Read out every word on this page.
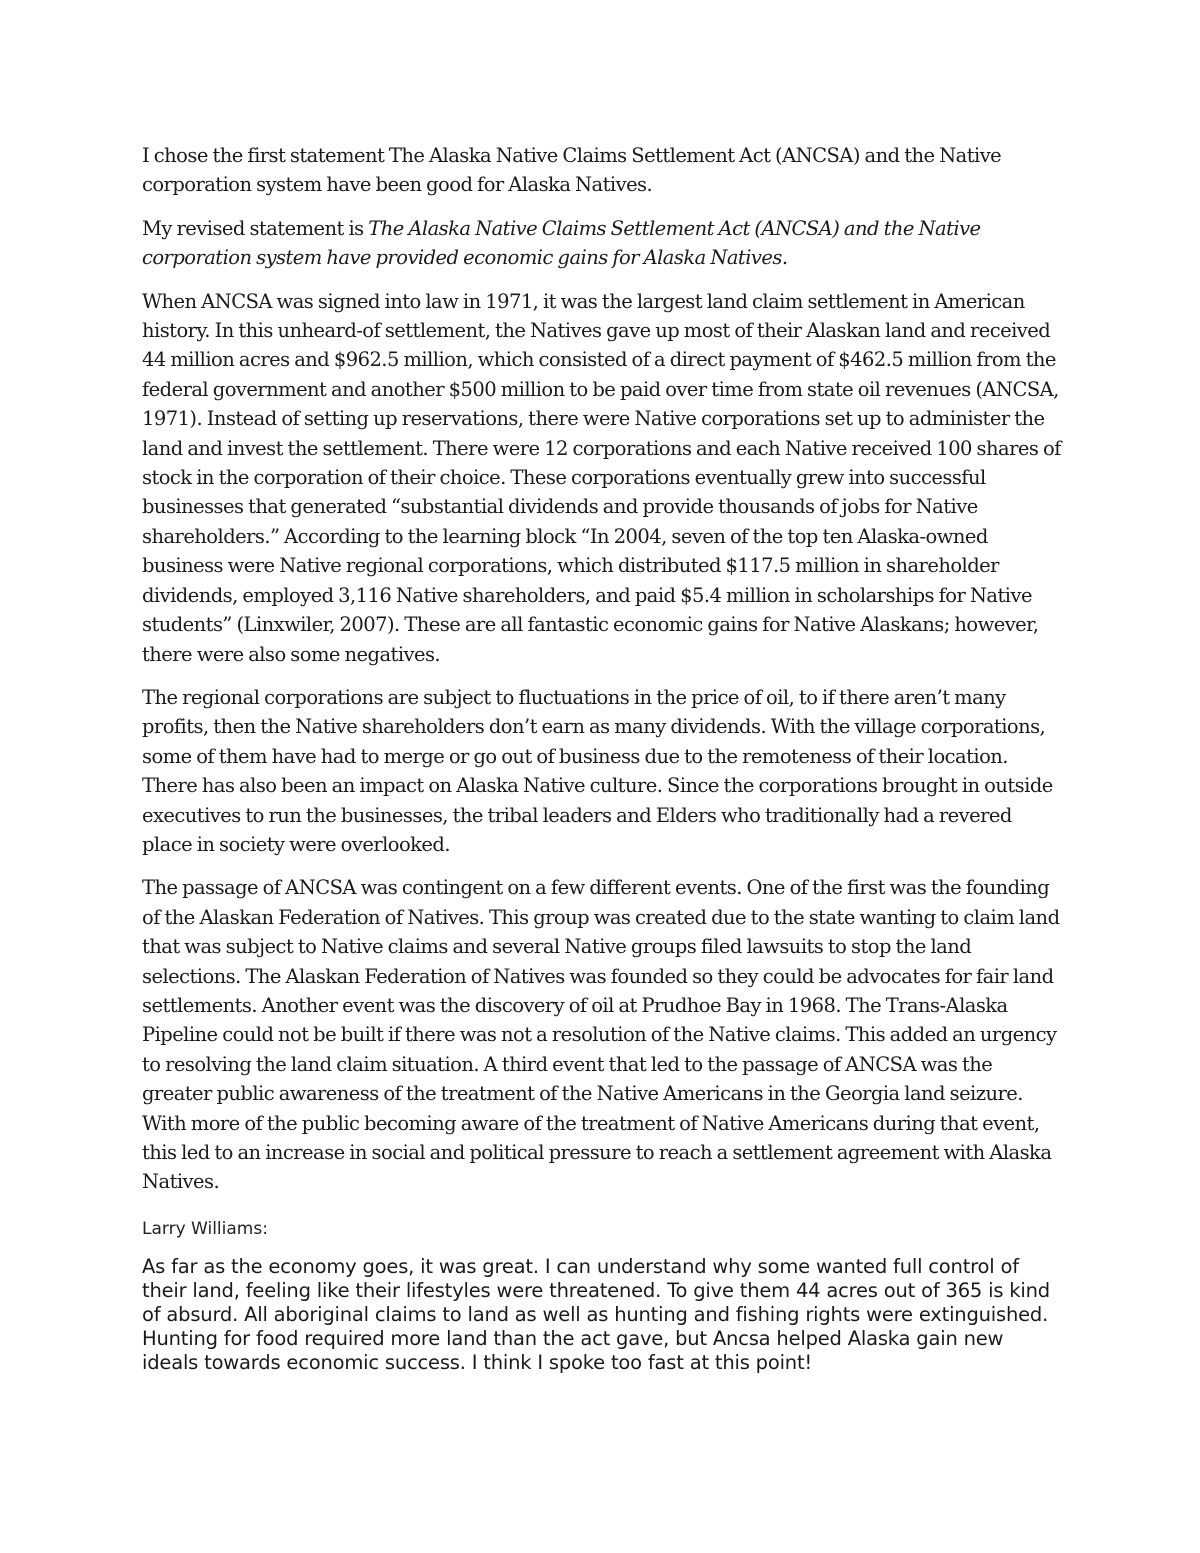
I chose the first statement The Alaska Native Claims Settlement Act (ANCSA) and the Native corporation system have been good for Alaska Natives.

My revised statement is The Alaska Native Claims Settlement Act (ANCSA) and the Native corporation system have provided economic gains for Alaska Natives.

When ANCSA was signed into law in 1971, it was the largest land claim settlement in American history. In this unheard-of settlement, the Natives gave up most of their Alaskan land and received 44 million acres and $962.5 million, which consisted of a direct payment of $462.5 million from the federal government and another $500 million to be paid over time from state oil revenues (ANCSA, 1971). Instead of setting up reservations, there were Native corporations set up to administer the land and invest the settlement. There were 12 corporations and each Native received 100 shares of stock in the corporation of their choice. These corporations eventually grew into successful businesses that generated “substantial dividends and provide thousands of jobs for Native shareholders.” According to the learning block “In 2004, seven of the top ten Alaska-owned business were Native regional corporations, which distributed $117.5 million in shareholder dividends, employed 3,116 Native shareholders, and paid $5.4 million in scholarships for Native students” (Linxwiler, 2007). These are all fantastic economic gains for Native Alaskans; however, there were also some negatives.

The regional corporations are subject to fluctuations in the price of oil, to if there aren’t many profits, then the Native shareholders don’t earn as many dividends. With the village corporations, some of them have had to merge or go out of business due to the remoteness of their location. There has also been an impact on Alaska Native culture. Since the corporations brought in outside executives to run the businesses, the tribal leaders and Elders who traditionally had a revered place in society were overlooked.

The passage of ANCSA was contingent on a few different events. One of the first was the founding of the Alaskan Federation of Natives. This group was created due to the state wanting to claim land that was subject to Native claims and several Native groups filed lawsuits to stop the land selections. The Alaskan Federation of Natives was founded so they could be advocates for fair land settlements. Another event was the discovery of oil at Prudhoe Bay in 1968. The Trans-Alaska Pipeline could not be built if there was not a resolution of the Native claims. This added an urgency to resolving the land claim situation. A third event that led to the passage of ANCSA was the greater public awareness of the treatment of the Native Americans in the Georgia land seizure. With more of the public becoming aware of the treatment of Native Americans during that event, this led to an increase in social and political pressure to reach a settlement agreement with Alaska Natives.

Larry Williams:

As far as the economy goes, it was great. I can understand why some wanted full control of their land, feeling like their lifestyles were threatened. To give them 44 acres out of 365 is kind of absurd. All aboriginal claims to land as well as hunting and fishing rights were extinguished. Hunting for food required more land than the act gave, but Ancsa helped Alaska gain new ideals towards economic success. I think I spoke too fast at this point!
